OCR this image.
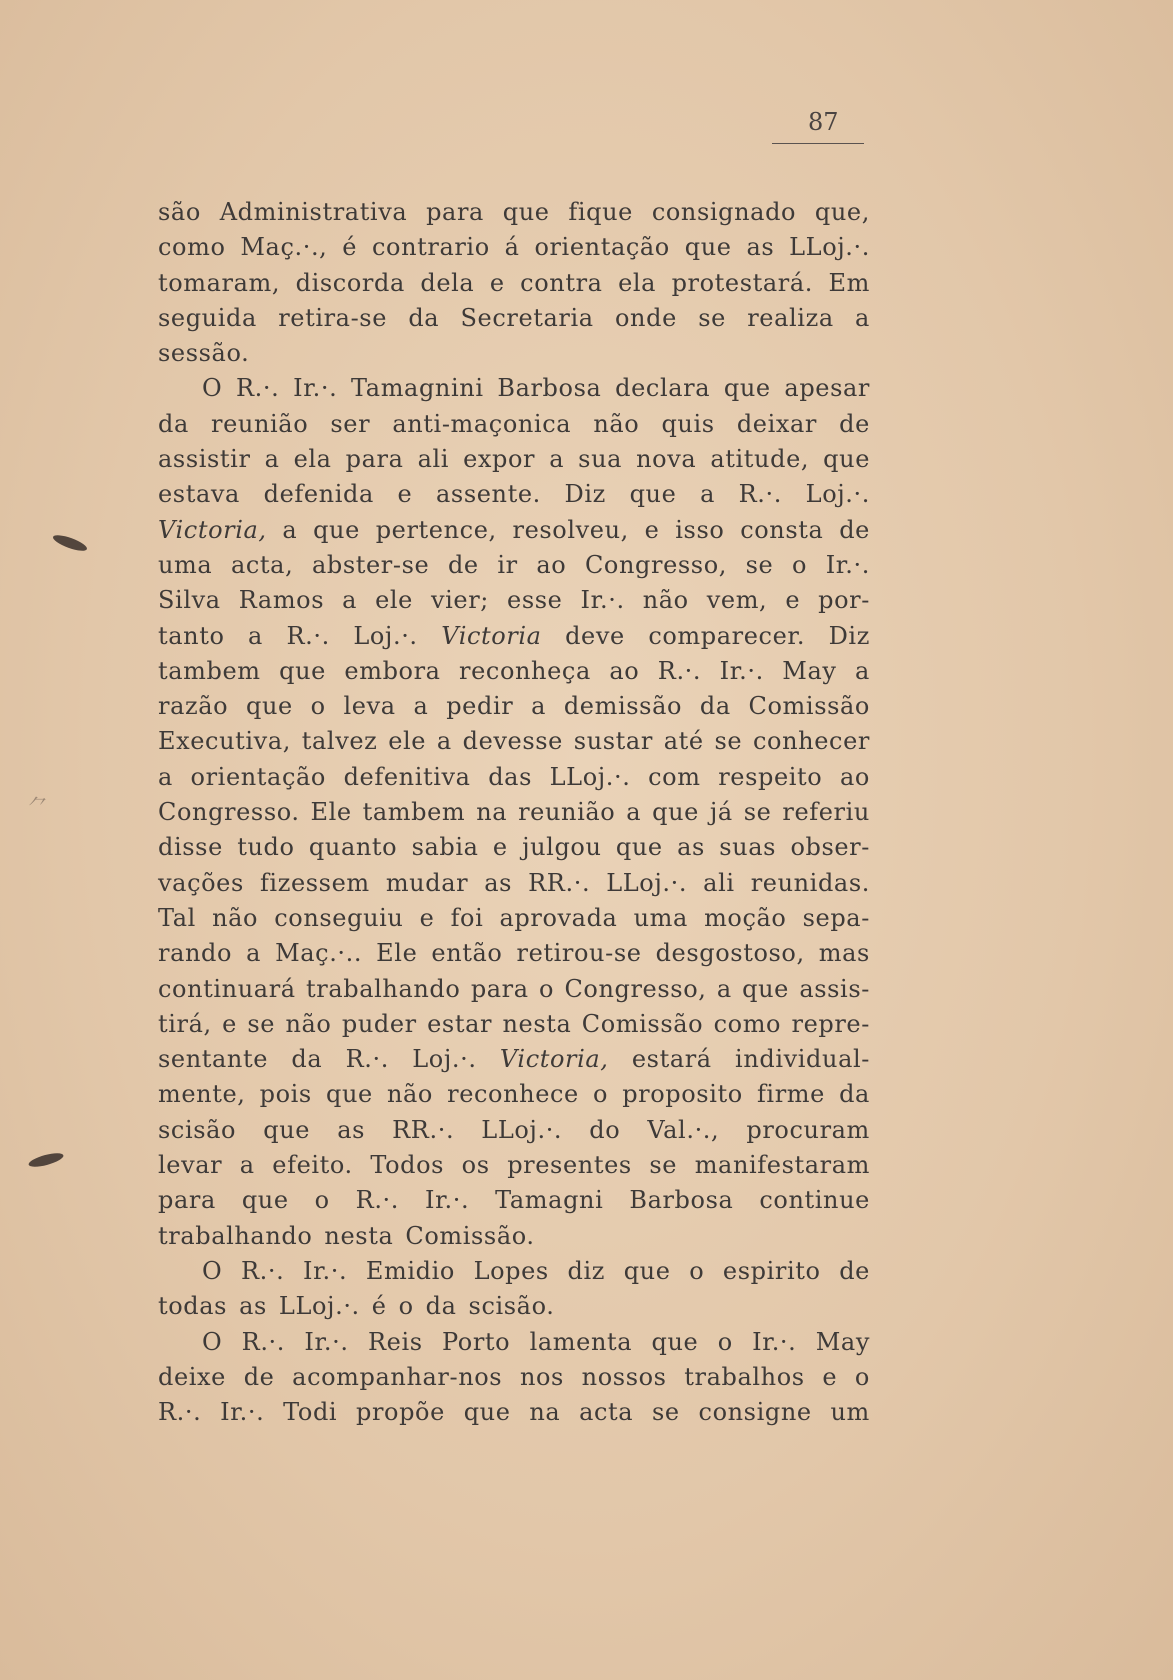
87
são Administrativa para que fique consignado que,
como Maç.·., é contrario á orientação que as LLoj.·.
tomaram, discorda dela e contra ela protestará. Em
seguida retira-se da Secretaria onde se realiza a
sessão.
O R.·. Ir.·. Tamagnini Barbosa declara que apesar
da reunião ser anti-maçonica não quis deixar de
assistir a ela para ali expor a sua nova atitude, que
estava defenida e assente. Diz que a R.·. Loj.·.
Victoria, a que pertence, resolveu, e isso consta de
uma acta, abster-se de ir ao Congresso, se o Ir.·.
Silva Ramos a ele vier; esse Ir.·. não vem, e por-
tanto a R.·. Loj.·. Victoria deve comparecer. Diz
tambem que embora reconheça ao R.·. Ir.·. May a
razão que o leva a pedir a demissão da Comissão
Executiva, talvez ele a devesse sustar até se conhecer
a orientação defenitiva das LLoj.·. com respeito ao
Congresso. Ele tambem na reunião a que já se referiu
disse tudo quanto sabia e julgou que as suas obser-
vações fizessem mudar as RR.·. LLoj.·. ali reunidas.
Tal não conseguiu e foi aprovada uma moção sepa-
rando a Maç.·.. Ele então retirou-se desgostoso, mas
continuará trabalhando para o Congresso, a que assis-
tirá, e se não puder estar nesta Comissão como repre-
sentante da R.·. Loj.·. Victoria, estará individual-
mente, pois que não reconhece o proposito firme da
scisão que as RR.·. LLoj.·. do Val.·., procuram
levar a efeito. Todos os presentes se manifestaram
para que o R.·. Ir.·. Tamagni Barbosa continue
trabalhando nesta Comissão.
O R.·. Ir.·. Emidio Lopes diz que o espirito de
todas as LLoj.·. é o da scisão.
O R.·. Ir.·. Reis Porto lamenta que o Ir.·. May
deixe de acompanhar-nos nos nossos trabalhos e o
R.·. Ir.·. Todi propõe que na acta se consigne um
⺈
